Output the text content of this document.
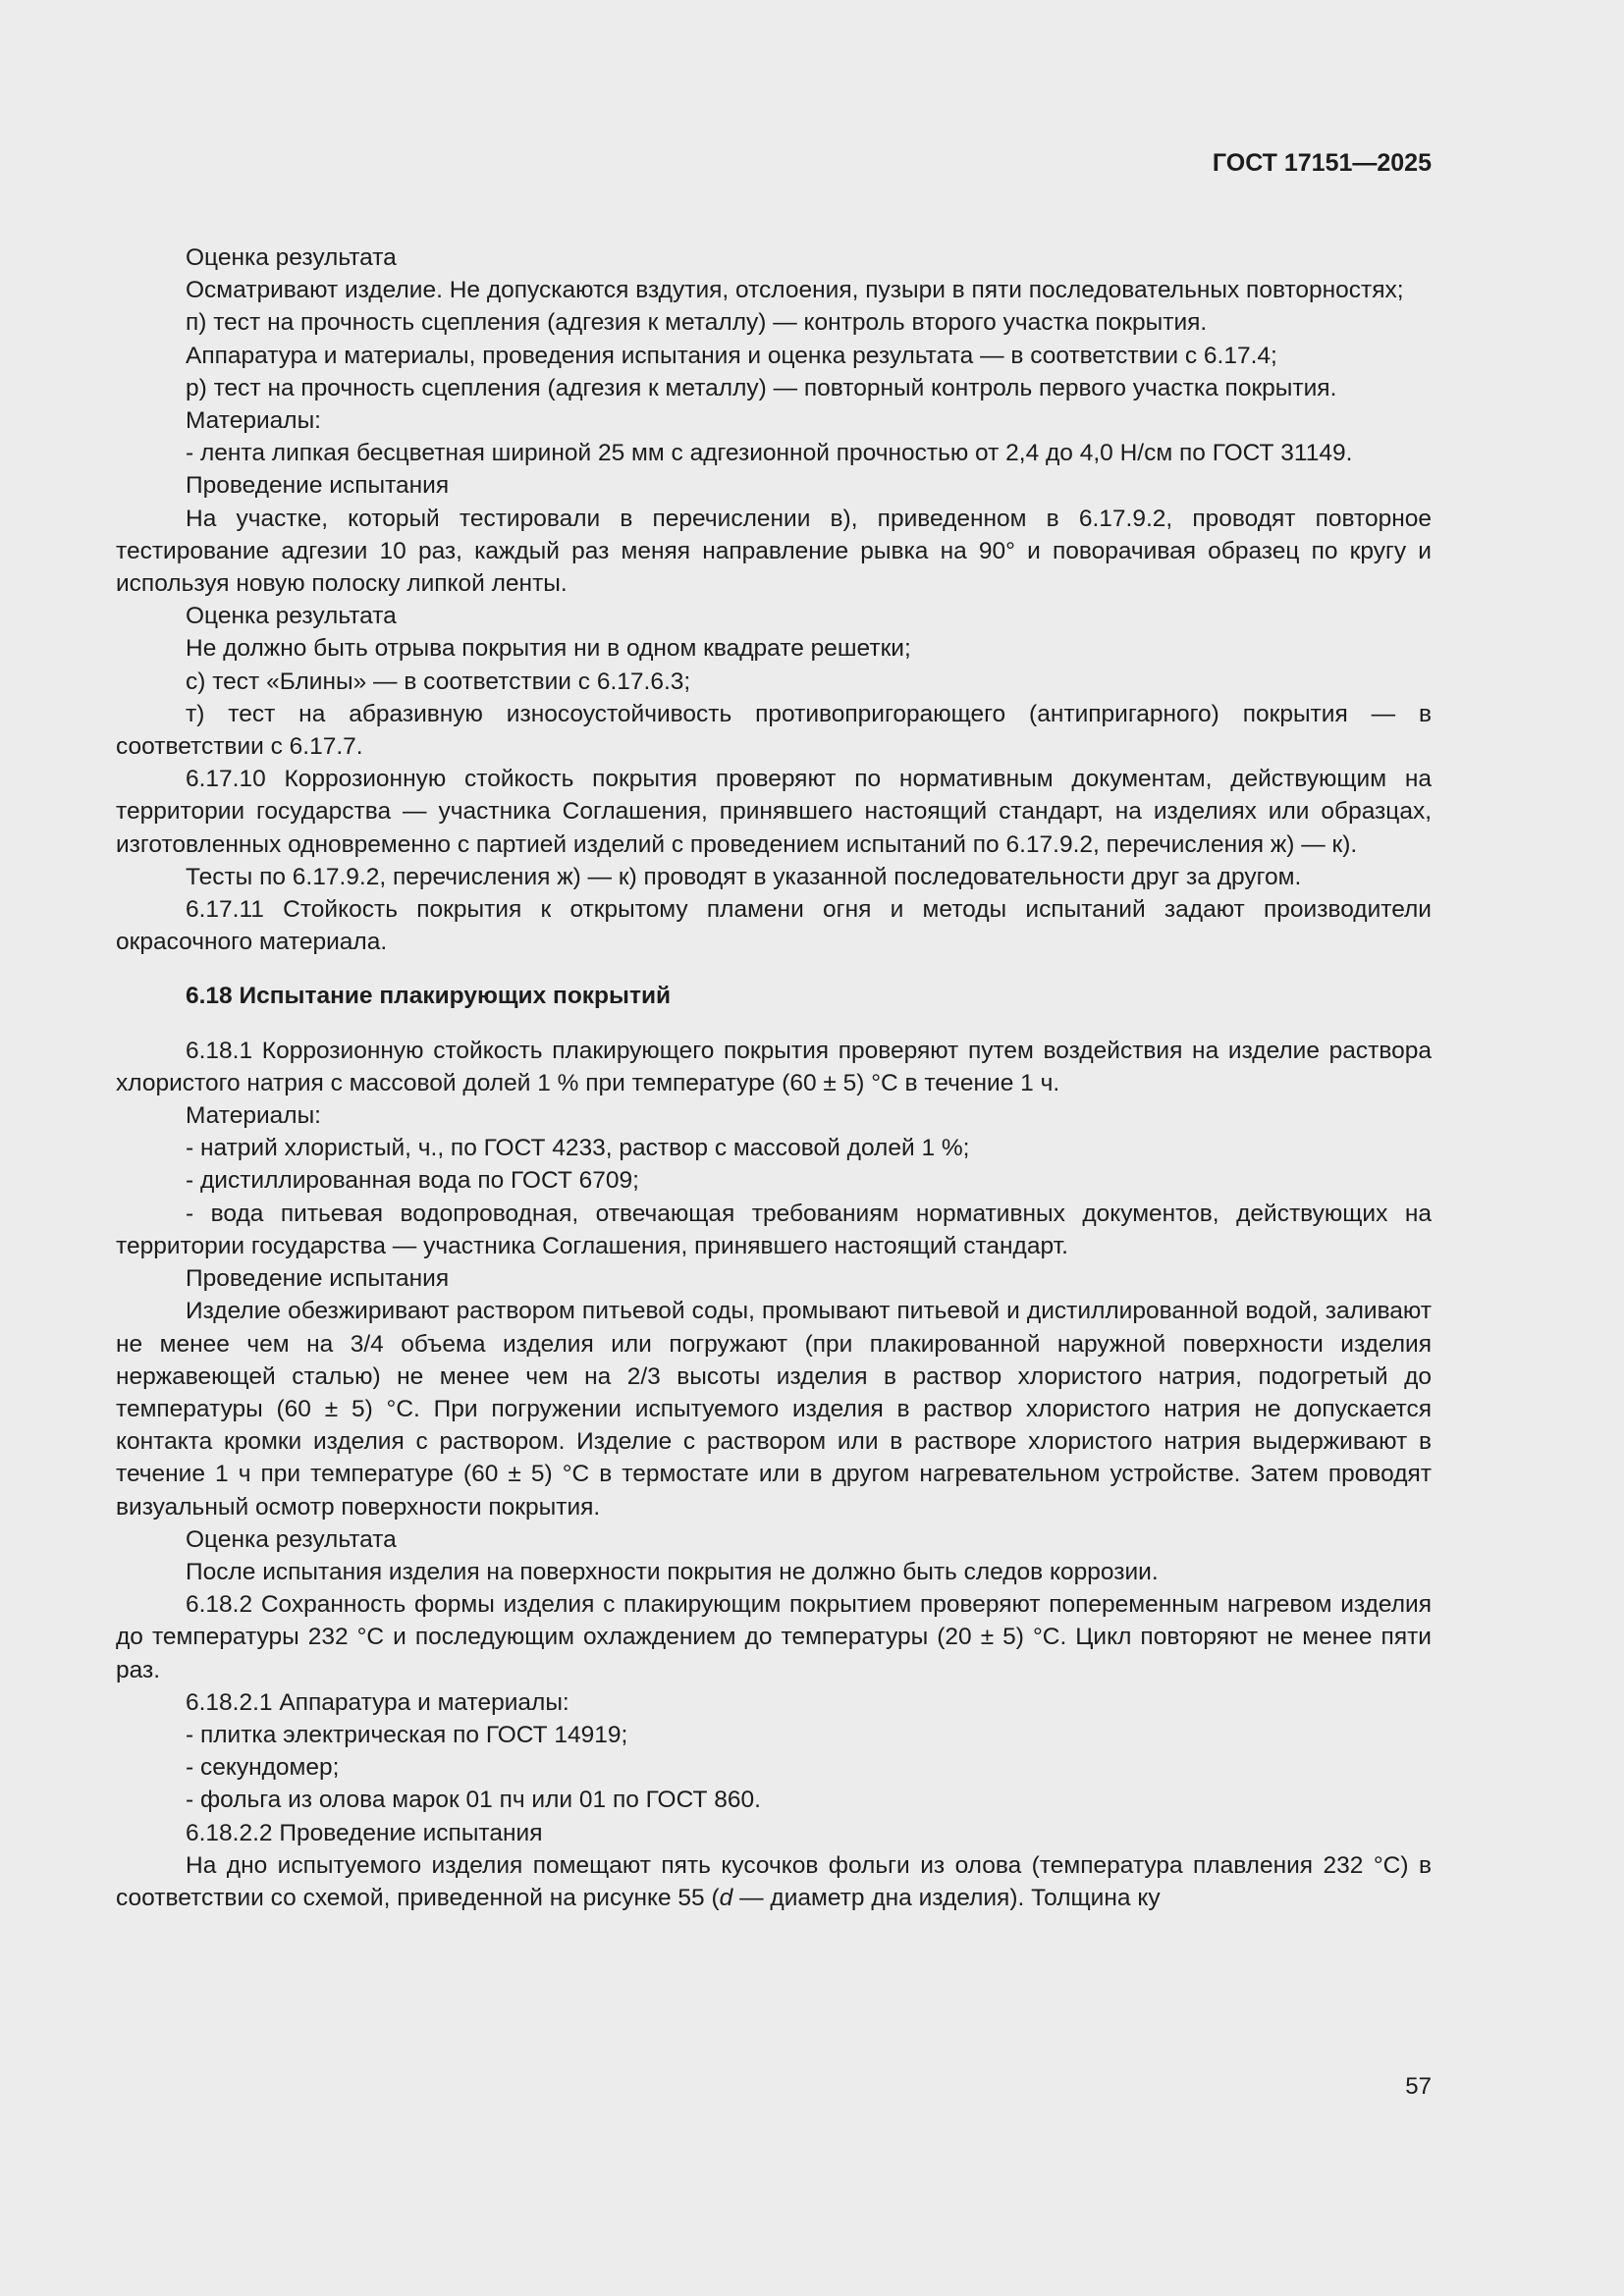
ГОСТ 17151—2025

Оценка результата

Осматривают изделие. Не допускаются вздутия, отслоения, пузыри в пяти последовательных повторностях;

п) тест на прочность сцепления (адгезия к металлу) — контроль второго участка покрытия.

Аппаратура и материалы, проведения испытания и оценка результата — в соответствии с 6.17.4;

р) тест на прочность сцепления (адгезия к металлу) — повторный контроль первого участка покрытия.

Материалы:

- лента липкая бесцветная шириной 25 мм с адгезионной прочностью от 2,4 до 4,0 Н/см по ГОСТ 31149.

Проведение испытания

На участке, который тестировали в перечислении в), приведенном в 6.17.9.2, проводят повторное тестирование адгезии 10 раз, каждый раз меняя направление рывка на 90° и поворачивая образец по кругу и используя новую полоску липкой ленты.

Оценка результата

Не должно быть отрыва покрытия ни в одном квадрате решетки;

с) тест «Блины» — в соответствии с 6.17.6.3;

т) тест на абразивную износоустойчивость противопригорающего (антипригарного) покрытия — в соответствии с 6.17.7.

6.17.10 Коррозионную стойкость покрытия проверяют по нормативным документам, действующим на территории государства — участника Соглашения, принявшего настоящий стандарт, на изделиях или образцах, изготовленных одновременно с партией изделий с проведением испытаний по 6.17.9.2, перечисления ж) — к).

Тесты по 6.17.9.2, перечисления ж) — к) проводят в указанной последовательности друг за другом.

6.17.11 Стойкость покрытия к открытому пламени огня и методы испытаний задают производители окрасочного материала.

6.18 Испытание плакирующих покрытий

6.18.1 Коррозионную стойкость плакирующего покрытия проверяют путем воздействия на изделие раствора хлористого натрия с массовой долей 1 % при температуре (60 ± 5) °С в течение 1 ч.

Материалы:

- натрий хлористый, ч., по ГОСТ 4233, раствор с массовой долей 1 %;

- дистиллированная вода по ГОСТ 6709;

- вода питьевая водопроводная, отвечающая требованиям нормативных документов, действующих на территории государства — участника Соглашения, принявшего настоящий стандарт.

Проведение испытания

Изделие обезжиривают раствором питьевой соды, промывают питьевой и дистиллированной водой, заливают не менее чем на 3/4 объема изделия или погружают (при плакированной наружной поверхности изделия нержавеющей сталью) не менее чем на 2/3 высоты изделия в раствор хлористого натрия, подогретый до температуры (60 ± 5) °С. При погружении испытуемого изделия в раствор хлористого натрия не допускается контакта кромки изделия с раствором. Изделие с раствором или в растворе хлористого натрия выдерживают в течение 1 ч при температуре (60 ± 5) °С в термостате или в другом нагревательном устройстве. Затем проводят визуальный осмотр поверхности покрытия.

Оценка результата

После испытания изделия на поверхности покрытия не должно быть следов коррозии.

6.18.2 Сохранность формы изделия с плакирующим покрытием проверяют попеременным нагревом изделия до температуры 232 °С и последующим охлаждением до температуры (20 ± 5) °С. Цикл повторяют не менее пяти раз.

6.18.2.1 Аппаратура и материалы:

- плитка электрическая по ГОСТ 14919;

- секундомер;

- фольга из олова марок 01 пч или 01 по ГОСТ 860.

6.18.2.2 Проведение испытания

На дно испытуемого изделия помещают пять кусочков фольги из олова (температура плавления 232 °С) в соответствии со схемой, приведенной на рисунке 55 (d — диаметр дна изделия). Толщина ку

57
